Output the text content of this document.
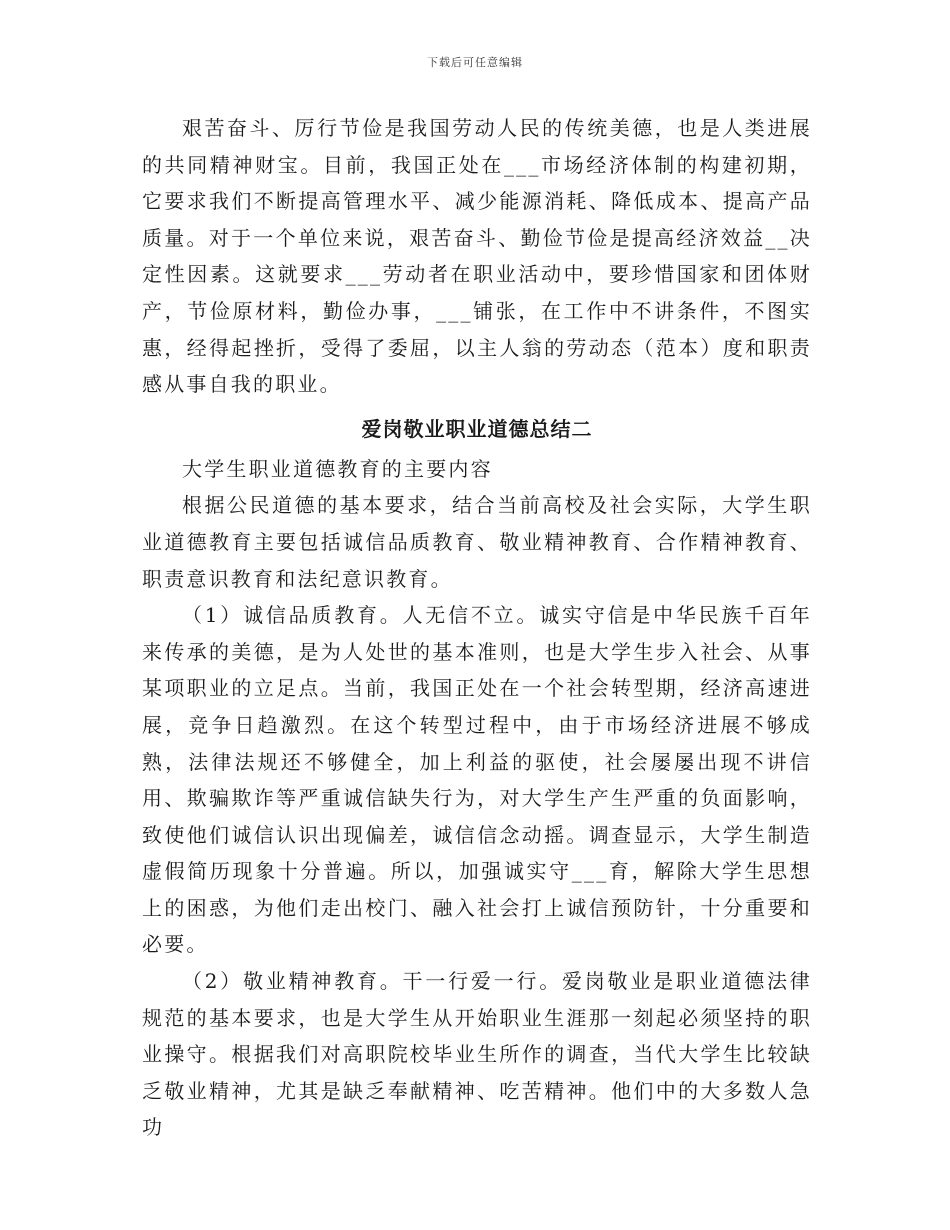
下载后可任意编辑

艰苦奋斗、厉行节俭是我国劳动人民的传统美德，也是人类进展的共同精神财宝。目前，我国正处在___市场经济体制的构建初期，它要求我们不断提高管理水平、减少能源消耗、降低成本、提高产品质量。对于一个单位来说，艰苦奋斗、勤俭节俭是提高经济效益__决定性因素。这就要求___劳动者在职业活动中，要珍惜国家和团体财产，节俭原材料，勤俭办事，___铺张，在工作中不讲条件，不图实惠，经得起挫折，受得了委屈，以主人翁的劳动态（范本）度和职责感从事自我的职业。

爱岗敬业职业道德总结二

大学生职业道德教育的主要内容

根据公民道德的基本要求，结合当前高校及社会实际，大学生职业道德教育主要包括诚信品质教育、敬业精神教育、合作精神教育、职责意识教育和法纪意识教育。

（1）诚信品质教育。人无信不立。诚实守信是中华民族千百年来传承的美德，是为人处世的基本准则，也是大学生步入社会、从事某项职业的立足点。当前，我国正处在一个社会转型期，经济高速进展，竞争日趋激烈。在这个转型过程中，由于市场经济进展不够成熟，法律法规还不够健全，加上利益的驱使，社会屡屡出现不讲信用、欺骗欺诈等严重诚信缺失行为，对大学生产生严重的负面影响，致使他们诚信认识出现偏差，诚信信念动摇。调查显示，大学生制造虚假简历现象十分普遍。所以，加强诚实守___育，解除大学生思想上的困惑，为他们走出校门、融入社会打上诚信预防针，十分重要和必要。

（2）敬业精神教育。干一行爱一行。爱岗敬业是职业道德法律规范的基本要求，也是大学生从开始职业生涯那一刻起必须坚持的职业操守。根据我们对高职院校毕业生所作的调查，当代大学生比较缺乏敬业精神，尤其是缺乏奉献精神、吃苦精神。他们中的大多数人急功
